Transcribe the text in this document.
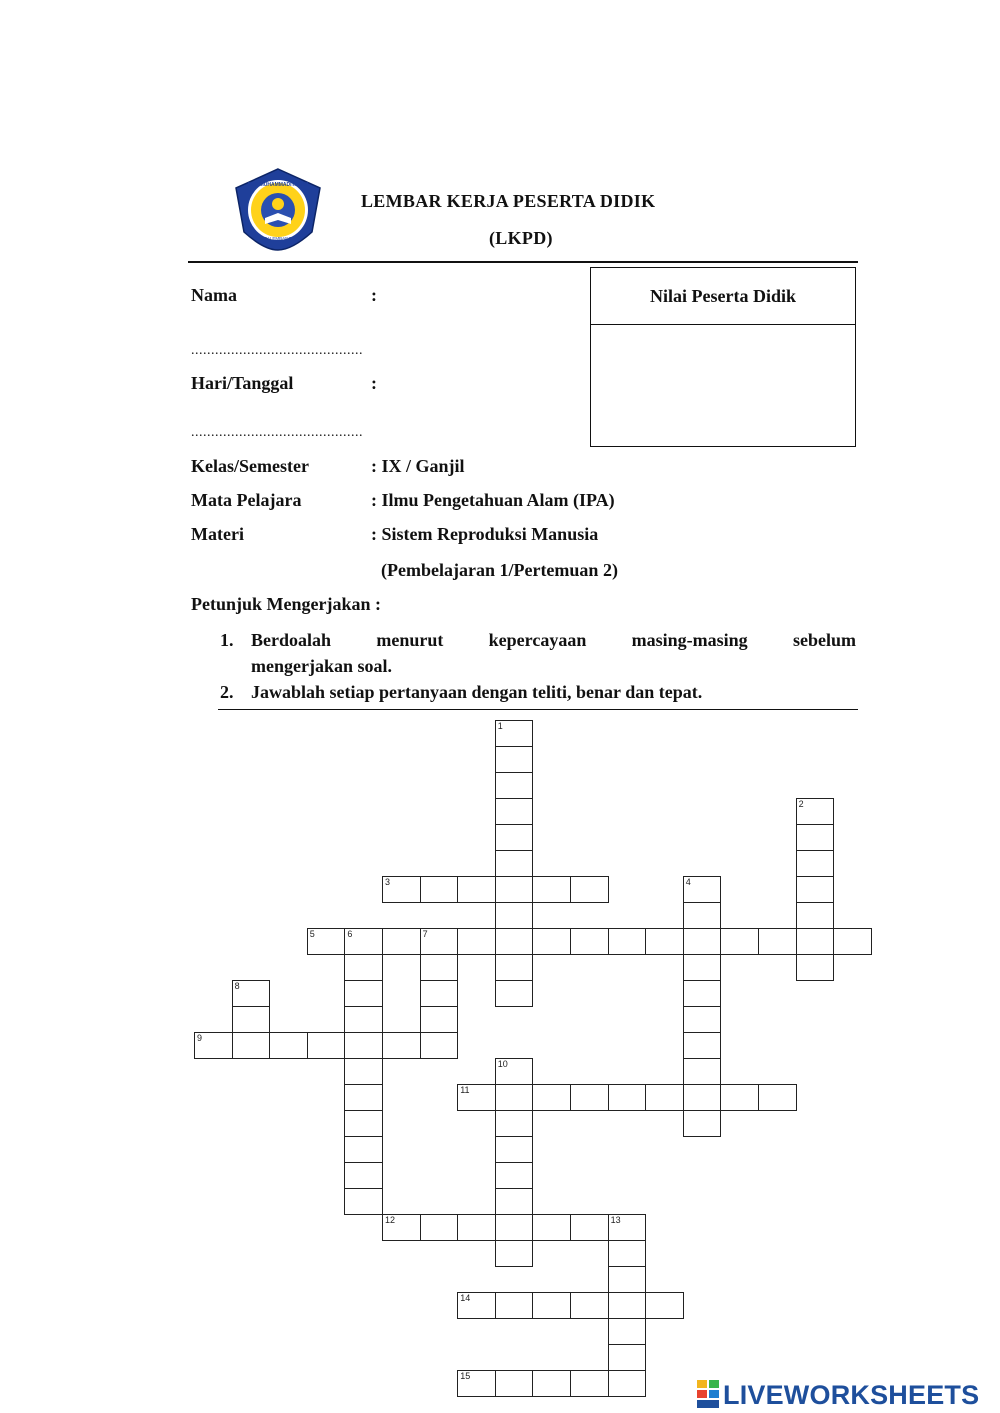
SMP MUHAMMADIYAH 50
PALEMBANG
LEMBAR KERJA PESERTA DIDIK
(LKPD)
Nama	:
...........................................
Hari/Tanggal	:
...........................................
Kelas/Semester	: IX / Ganjil
Mata Pelajara	: Ilmu Pengetahuan Alam (IPA)
Materi	: Sistem Reproduksi Manusia
(Pembelajaran 1/Pertemuan 2)
Nilai Peserta Didik
Petunjuk Mengerjakan :
1. Berdoalah menurut kepercayaan masing-masing sebelum
mengerjakan soal.
2. Jawablah setiap pertanyaan dengan teliti, benar dan tepat.
1
2
3	4
5	6	7
8
9
10
11
12	13
14
15
LIVEWORKSHEETS
